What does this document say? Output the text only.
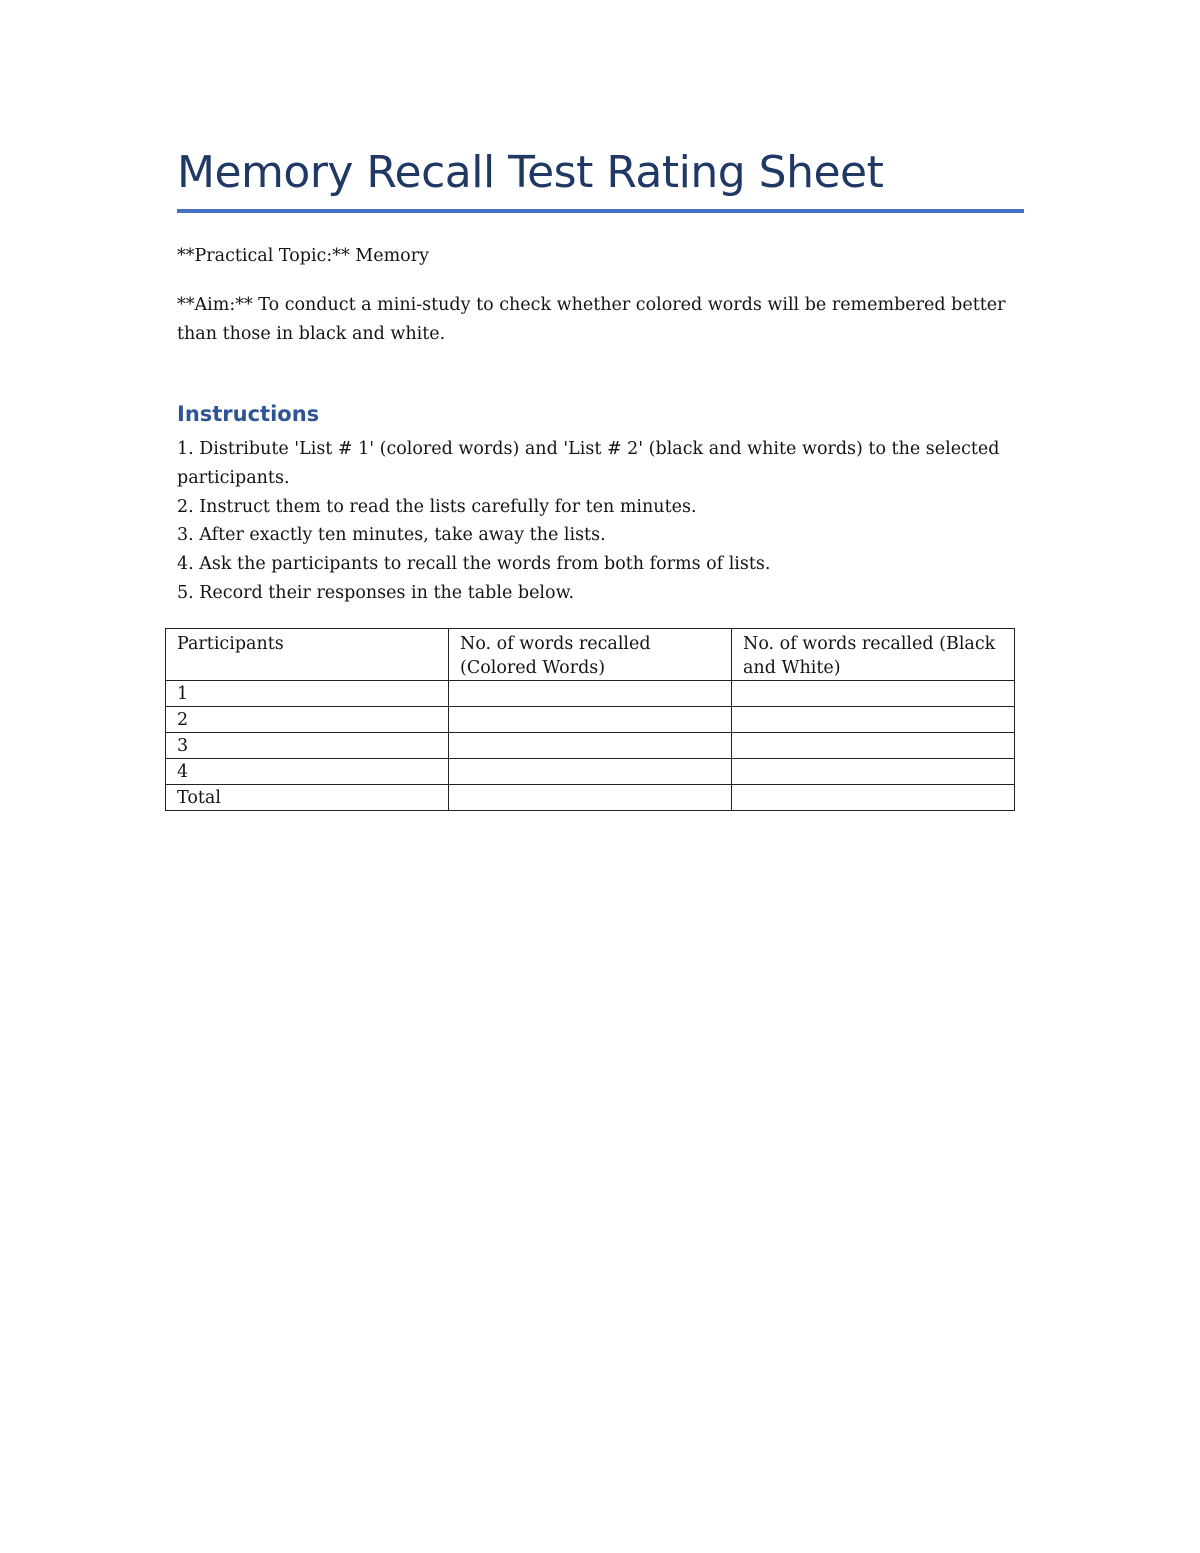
Memory Recall Test Rating Sheet

**Practical Topic:** Memory

**Aim:** To conduct a mini-study to check whether colored words will be remembered better than those in black and white.

Instructions
1. Distribute 'List # 1' (colored words) and 'List # 2' (black and white words) to the selected participants.
2. Instruct them to read the lists carefully for ten minutes.
3. After exactly ten minutes, take away the lists.
4. Ask the participants to recall the words from both forms of lists.
5. Record their responses in the table below.
Participants	No. of words recalled (Colored Words)	No. of words recalled (Black and White)
1		
2		
3		
4		
Total		
